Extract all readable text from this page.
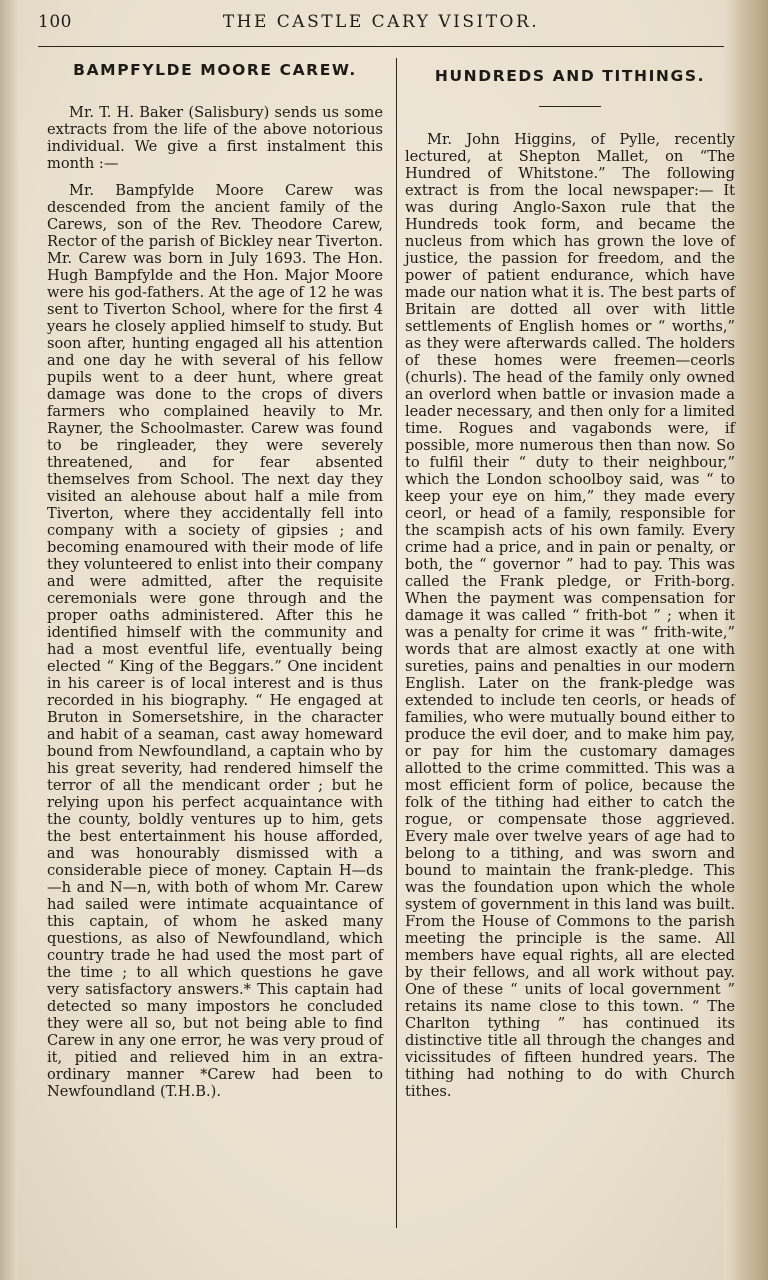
100	THE CASTLE CARY VISITOR.
BAMPFYLDE MOORE CAREW.

Mr. T. H. Baker (Salisbury) sends us some extracts from the life of the above notorious individual. We give a first instalment this month :—

Mr. Bampfylde Moore Carew was descended from the ancient family of the Carews, son of the Rev. Theodore Carew, Rector of the parish of Bickley near Tiverton. Mr. Carew was born in July 1693. The Hon. Hugh Bampfylde and the Hon. Major Moore were his god-fathers. At the age of 12 he was sent to Tiverton School, where for the first 4 years he closely applied himself to study. But soon after, hunting engaged all his attention and one day he with several of his fellow pupils went to a deer hunt, where great damage was done to the crops of divers farmers who complained heavily to Mr. Rayner, the Schoolmaster. Carew was found to be ringleader, they were severely threatened, and for fear absented themselves from School. The next day they visited an alehouse about half a mile from Tiverton, where they accidentally fell into company with a society of gipsies ; and becoming enamoured with their mode of life they volunteered to enlist into their company and were admitted, after the requisite ceremonials were gone through and the proper oaths administered. After this he identified himself with the community and had a most eventful life, eventually being elected “ King of the Beggars.” One incident in his career is of local interest and is thus recorded in his biography. “ He engaged at Bruton in Somersetshire, in the character and habit of a seaman, cast away homeward bound from Newfoundland, a captain who by his great severity, had rendered himself the terror of all the mendicant order ; but he relying upon his perfect acquaintance with the county, boldly ventures up to him, gets the best entertainment his house afforded, and was honourably dismissed with a considerable piece of money. Captain H—ds—h and N—n, with both of whom Mr. Carew had sailed were intimate acquaintance of this captain, of whom he asked many questions, as also of Newfoundland, which country trade he had used the most part of the time ; to all which questions he gave very satisfactory answers.* This captain had detected so many impostors he concluded they were all so, but not being able to find Carew in any one error, he was very proud of it, pitied and relieved him in an extra-ordinary manner *Carew had been to Newfoundland (T.H.B.).

HUNDREDS AND TITHINGS.

Mr. John Higgins, of Pylle, recently lectured, at Shepton Mallet, on “The Hundred of Whitstone.” The following extract is from the local newspaper:— It was during Anglo-Saxon rule that the Hundreds took form, and became the nucleus from which has grown the love of justice, the passion for freedom, and the power of patient endurance, which have made our nation what it is. The best parts of Britain are dotted all over with little settlements of English homes or “ worths,” as they were afterwards called. The holders of these homes were freemen—ceorls (churls). The head of the family only owned an overlord when battle or invasion made a leader necessary, and then only for a limited time. Rogues and vagabonds were, if possible, more numerous then than now. So to fulfil their “ duty to their neighbour,” which the London schoolboy said, was “ to keep your eye on him,” they made every ceorl, or head of a family, responsible for the scampish acts of his own family. Every crime had a price, and in pain or penalty, or both, the “ governor ” had to pay. This was called the Frank pledge, or Frith-borg. When the payment was compensation for damage it was called “ frith-bot ” ; when it was a penalty for crime it was “ frith-wite,” words that are almost exactly at one with sureties, pains and penalties in our modern English. Later on the frank-pledge was extended to include ten ceorls, or heads of families, who were mutually bound either to produce the evil doer, and to make him pay, or pay for him the customary damages allotted to the crime committed. This was a most efficient form of police, because the folk of the tithing had either to catch the rogue, or compensate those aggrieved. Every male over twelve years of age had to belong to a tithing, and was sworn and bound to maintain the frank-pledge. This was the foundation upon which the whole system of government in this land was built. From the House of Commons to the parish meeting the principle is the same. All members have equal rights, all are elected by their fellows, and all work without pay. One of these “ units of local government ” retains its name close to this town. “ The Charlton tything ” has continued its distinctive title all through the changes and vicissitudes of fifteen hundred years. The tithing had nothing to do with Church tithes.
